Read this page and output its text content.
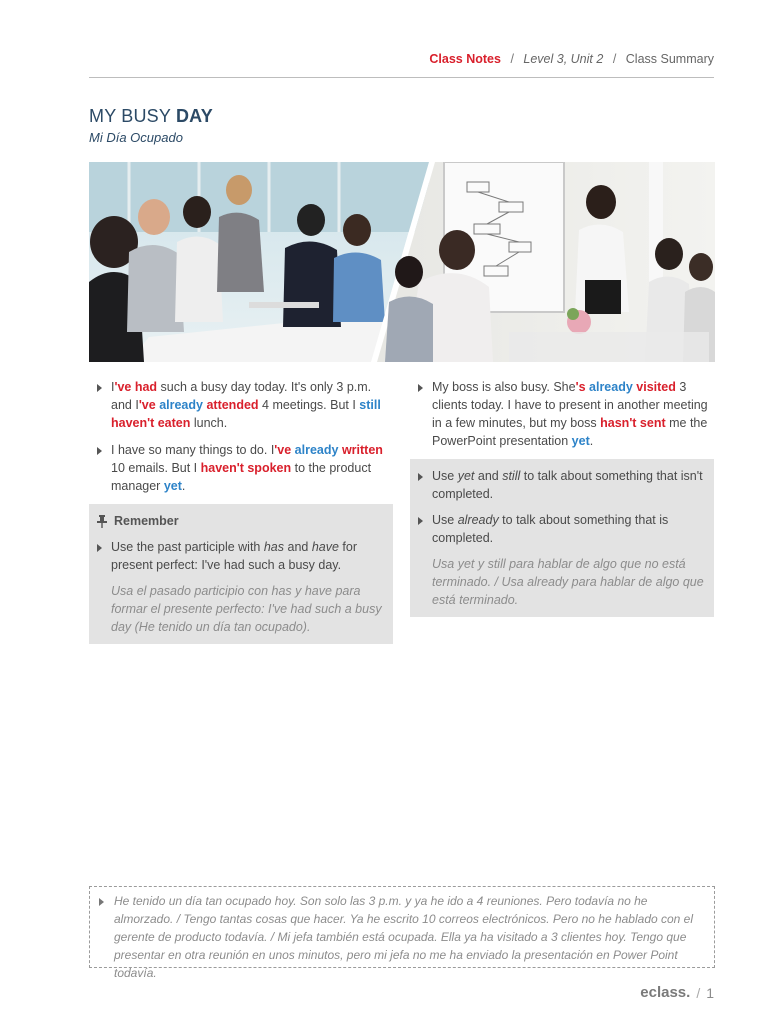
Class Notes / Level 3, Unit 2 / Class Summary
MY BUSY DAY
Mi Día Ocupado
I've had such a busy day today. It's only 3 p.m. and I've already attended 4 meetings. But I still haven't eaten lunch.
I have so many things to do. I've already written 10 emails. But I haven't spoken to the product manager yet.
Remember
Use the past participle with has and have for present perfect: I've had such a busy day.
Usa el pasado participio con has y have para formar el presente perfecto: I've had such a busy day (He tenido un día tan ocupado).
My boss is also busy. She's already visited 3 clients today. I have to present in another meeting in a few minutes, but my boss hasn't sent me the PowerPoint presentation yet.
Use yet and still to talk about something that isn't completed.
Use already to talk about something that is completed.
Usa yet y still para hablar de algo que no está terminado. / Usa already para hablar de algo que está terminado.
He tenido un día tan ocupado hoy. Son solo las 3 p.m. y ya he ido a 4 reuniones. Pero todavía no he almorzado. / Tengo tantas cosas que hacer. Ya he escrito 10 correos electrónicos. Pero no he hablado con el gerente de producto todavía. / Mi jefa también está ocupada. Ella ya ha visitado a 3 clientes hoy. Tengo que presentar en otra reunión en unos minutos, pero mi jefa no me ha enviado la presentación en Power Point todavía.
eclass. / 1
